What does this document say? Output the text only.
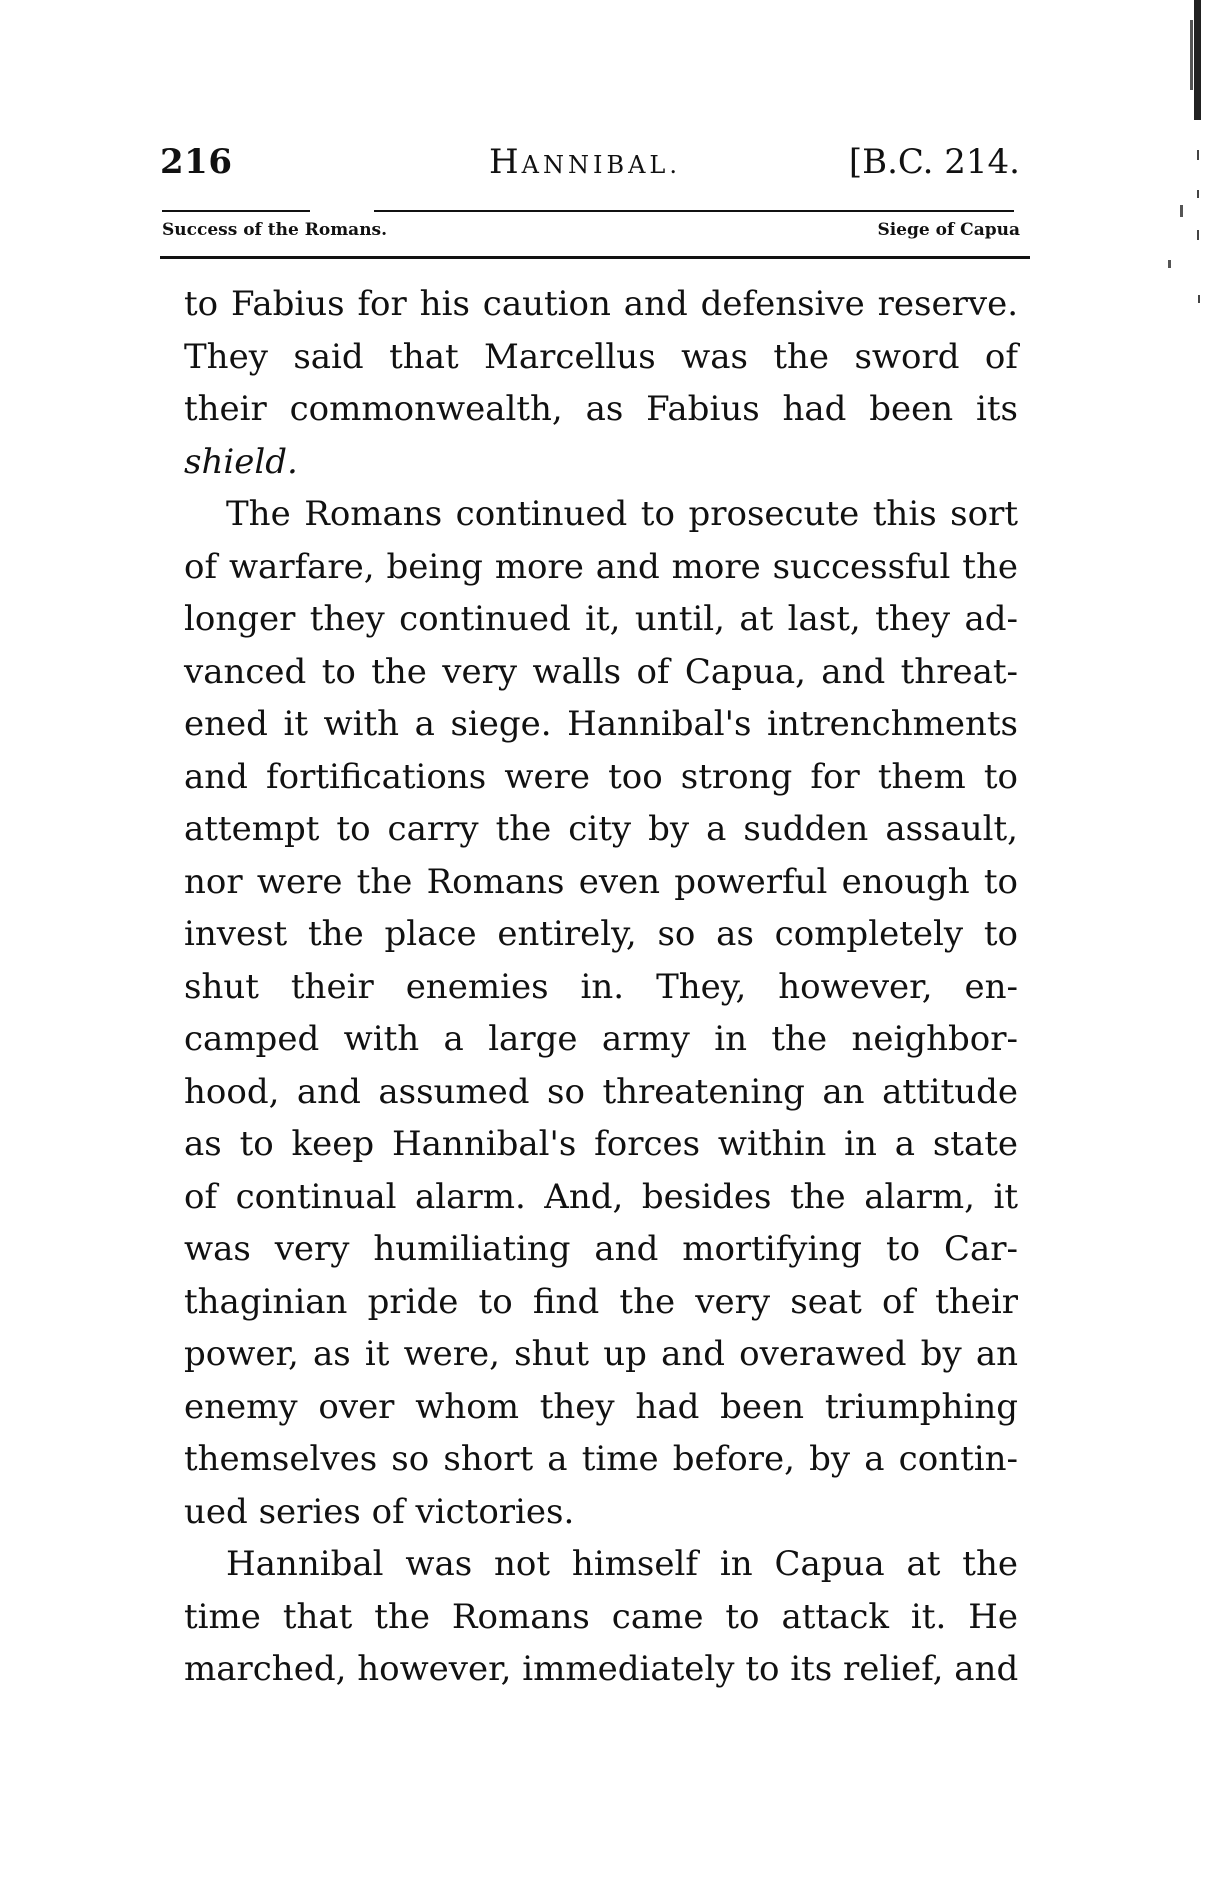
216	HANNIBAL.	[B.C. 214.
Success of the Romans.	Siege of Capua
to Fabius for his caution and defensive reserve.
They said that Marcellus was the sword of
their commonwealth, as Fabius had been its
shield.
The Romans continued to prosecute this sort
of warfare, being more and more successful the
longer they continued it, until, at last, they ad-
vanced to the very walls of Capua, and threat-
ened it with a siege. Hannibal's intrenchments
and fortifications were too strong for them to
attempt to carry the city by a sudden assault,
nor were the Romans even powerful enough to
invest the place entirely, so as completely to
shut their enemies in. They, however, en-
camped with a large army in the neighbor-
hood, and assumed so threatening an attitude
as to keep Hannibal's forces within in a state
of continual alarm. And, besides the alarm, it
was very humiliating and mortifying to Car-
thaginian pride to find the very seat of their
power, as it were, shut up and overawed by an
enemy over whom they had been triumphing
themselves so short a time before, by a contin-
ued series of victories.
Hannibal was not himself in Capua at the
time that the Romans came to attack it. He
marched, however, immediately to its relief, and
